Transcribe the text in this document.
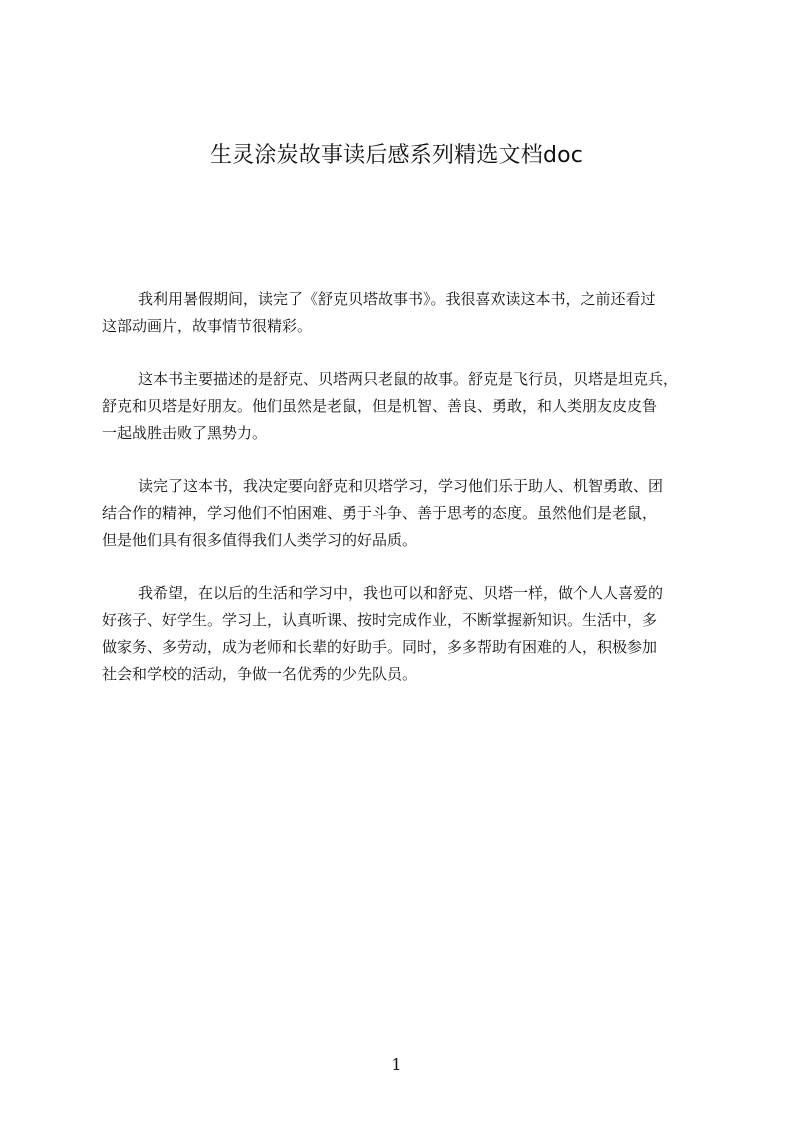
生灵涂炭故事读后感系列精选文档doc

我利用暑假期间，读完了《舒克贝塔故事书》。我很喜欢读这本书，之前还看过
这部动画片，故事情节很精彩。

这本书主要描述的是舒克、贝塔两只老鼠的故事。舒克是飞行员，贝塔是坦克兵，
舒克和贝塔是好朋友。他们虽然是老鼠，但是机智、善良、勇敢，和人类朋友皮皮鲁
一起战胜击败了黑势力。

读完了这本书，我决定要向舒克和贝塔学习，学习他们乐于助人、机智勇敢、团
结合作的精神，学习他们不怕困难、勇于斗争、善于思考的态度。虽然他们是老鼠，
但是他们具有很多值得我们人类学习的好品质。

我希望，在以后的生活和学习中，我也可以和舒克、贝塔一样，做个人人喜爱的
好孩子、好学生。学习上，认真听课、按时完成作业，不断掌握新知识。生活中，多
做家务、多劳动，成为老师和长辈的好助手。同时，多多帮助有困难的人，积极参加
社会和学校的活动，争做一名优秀的少先队员。

1
